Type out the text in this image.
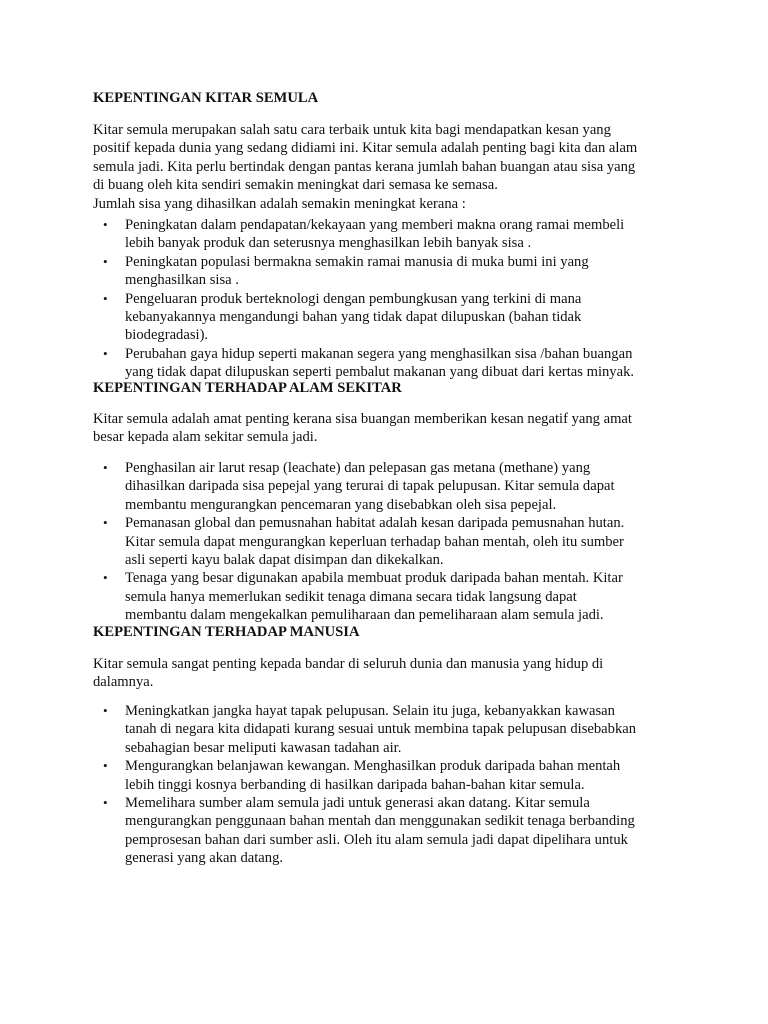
KEPENTINGAN KITAR SEMULA
Kitar semula merupakan salah satu cara terbaik untuk kita bagi mendapatkan kesan yang
positif kepada dunia yang sedang didiami ini. Kitar semula adalah penting bagi kita dan alam
semula jadi. Kita perlu bertindak dengan pantas kerana jumlah bahan buangan atau sisa yang
di buang oleh kita sendiri semakin meningkat dari semasa ke semasa.
Jumlah sisa yang dihasilkan adalah semakin meningkat kerana :
• Peningkatan dalam pendapatan/kekayaan yang memberi makna orang ramai membeli
lebih banyak produk dan seterusnya menghasilkan lebih banyak sisa .
• Peningkatan populasi bermakna semakin ramai manusia di muka bumi ini yang
menghasilkan sisa .
• Pengeluaran produk berteknologi dengan pembungkusan yang terkini di mana
kebanyakannya mengandungi bahan yang tidak dapat dilupuskan (bahan tidak
biodegradasi).
• Perubahan gaya hidup seperti makanan segera yang menghasilkan sisa /bahan buangan
yang tidak dapat dilupuskan seperti pembalut makanan yang dibuat dari kertas minyak.
KEPENTINGAN TERHADAP ALAM SEKITAR
Kitar semula adalah amat penting kerana sisa buangan memberikan kesan negatif yang amat
besar kepada alam sekitar semula jadi.
• Penghasilan air larut resap (leachate) dan pelepasan gas metana (methane) yang
dihasilkan daripada sisa pepejal yang terurai di tapak pelupusan. Kitar semula dapat
membantu mengurangkan pencemaran yang disebabkan oleh sisa pepejal.
• Pemanasan global dan pemusnahan habitat adalah kesan daripada pemusnahan hutan.
Kitar semula dapat mengurangkan keperluan terhadap bahan mentah, oleh itu sumber
asli seperti kayu balak dapat disimpan dan dikekalkan.
• Tenaga yang besar digunakan apabila membuat produk daripada bahan mentah. Kitar
semula hanya memerlukan sedikit tenaga dimana secara tidak langsung dapat
membantu dalam mengekalkan pemuliharaan dan pemeliharaan alam semula jadi.
KEPENTINGAN TERHADAP MANUSIA
Kitar semula sangat penting kepada bandar di seluruh dunia dan manusia yang hidup di
dalamnya.
• Meningkatkan jangka hayat tapak pelupusan. Selain itu juga, kebanyakkan kawasan
tanah di negara kita didapati kurang sesuai untuk membina tapak pelupusan disebabkan
sebahagian besar meliputi kawasan tadahan air.
• Mengurangkan belanjawan kewangan. Menghasilkan produk daripada bahan mentah
lebih tinggi kosnya berbanding di hasilkan daripada bahan-bahan kitar semula.
• Memelihara sumber alam semula jadi untuk generasi akan datang. Kitar semula
mengurangkan penggunaan bahan mentah dan menggunakan sedikit tenaga berbanding
pemprosesan bahan dari sumber asli. Oleh itu alam semula jadi dapat dipelihara untuk
generasi yang akan datang.
